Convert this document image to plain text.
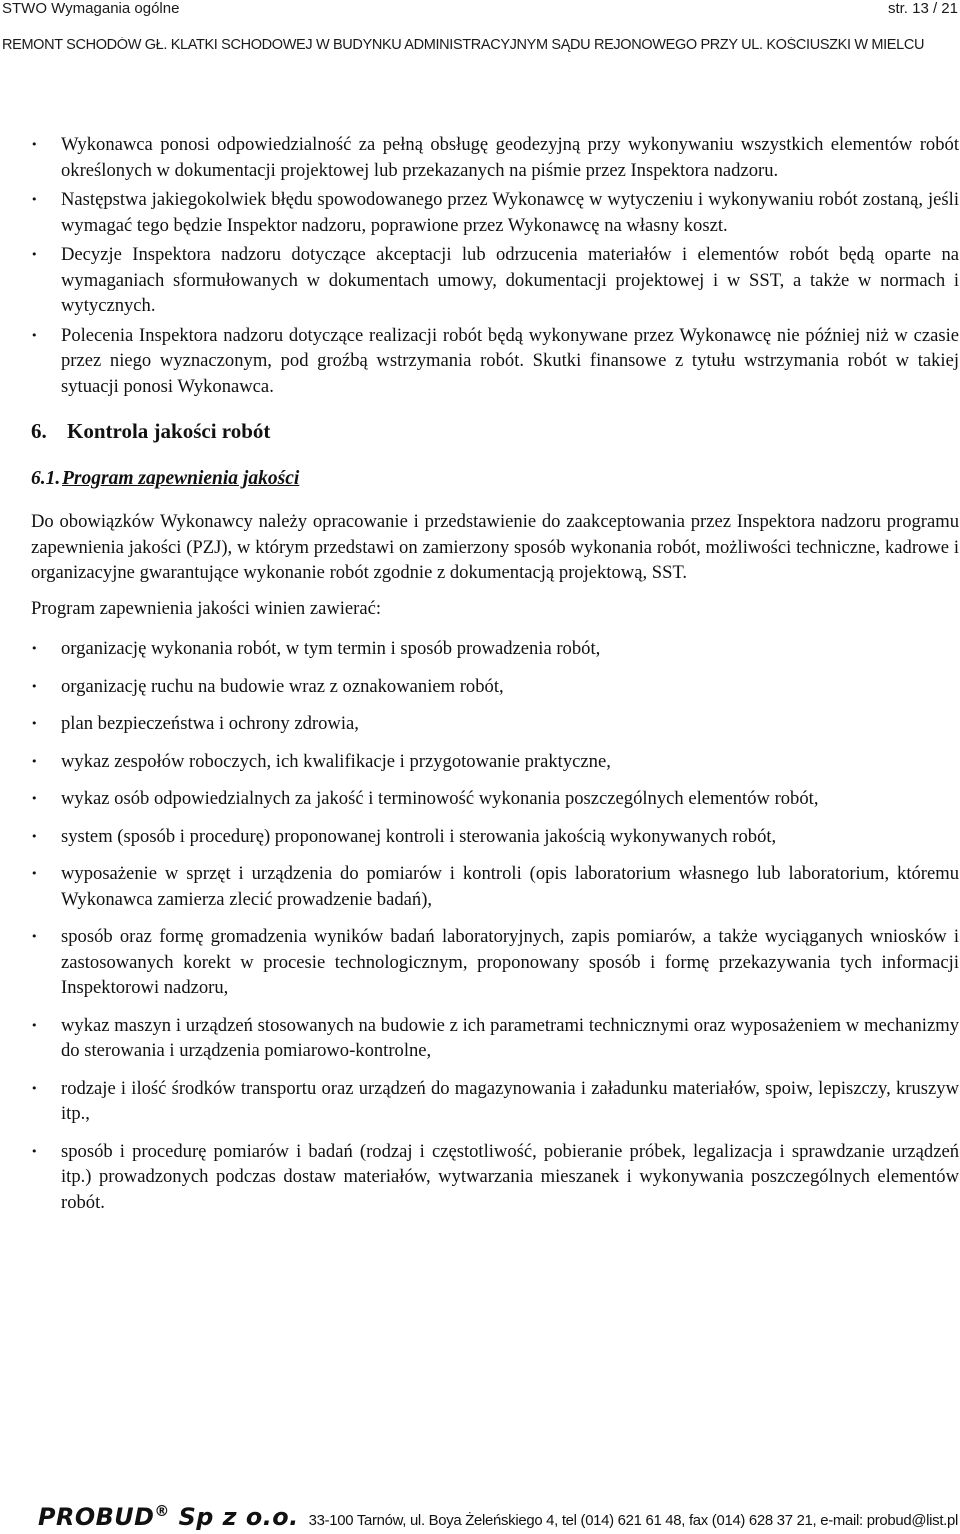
STWO Wymagania ogólne	str. 13 / 21
REMONT SCHODÓW GŁ. KLATKI SCHODOWEJ W BUDYNKU ADMINISTRACYJNYM SĄDU REJONOWEGO PRZY UL. KOŚCIUSZKI W MIELCU
• Wykonawca ponosi odpowiedzialność za pełną obsługę geodezyjną przy wykonywaniu wszystkich elementów robót określonych w dokumentacji projektowej lub przekazanych na piśmie przez Inspektora nadzoru.
• Następstwa jakiegokolwiek błędu spowodowanego przez Wykonawcę w wytyczeniu i wykonywaniu robót zostaną, jeśli wymagać tego będzie Inspektor nadzoru, poprawione przez Wykonawcę na własny koszt.
• Decyzje Inspektora nadzoru dotyczące akceptacji lub odrzucenia materiałów i elementów robót będą oparte na wymaganiach sformułowanych w dokumentach umowy, dokumentacji projektowej i w SST, a także w normach i wytycznych.
• Polecenia Inspektora nadzoru dotyczące realizacji robót będą wykonywane przez Wykonawcę nie później niż w czasie przez niego wyznaczonym, pod groźbą wstrzymania robót. Skutki finansowe z tytułu wstrzymania robót w takiej sytuacji ponosi Wykonawca.
6. Kontrola jakości robót
6.1.Program zapewnienia jakości
Do obowiązków Wykonawcy należy opracowanie i przedstawienie do zaakceptowania przez Inspektora nadzoru programu zapewnienia jakości (PZJ), w którym przedstawi on zamierzony sposób wykonania robót, możliwości techniczne, kadrowe i organizacyjne gwarantujące wykonanie robót zgodnie z dokumentacją projektową, SST.
Program zapewnienia jakości winien zawierać:
• organizację wykonania robót, w tym termin i sposób prowadzenia robót,
• organizację ruchu na budowie wraz z oznakowaniem robót,
• plan bezpieczeństwa i ochrony zdrowia,
• wykaz zespołów roboczych, ich kwalifikacje i przygotowanie praktyczne,
• wykaz osób odpowiedzialnych za jakość i terminowość wykonania poszczególnych elementów robót,
• system (sposób i procedurę) proponowanej kontroli i sterowania jakością wykonywanych robót,
• wyposażenie w sprzęt i urządzenia do pomiarów i kontroli (opis laboratorium własnego lub laboratorium, któremu Wykonawca zamierza zlecić prowadzenie badań),
• sposób oraz formę gromadzenia wyników badań laboratoryjnych, zapis pomiarów, a także wyciąganych wniosków i zastosowanych korekt w procesie technologicznym, proponowany sposób i formę przekazywania tych informacji Inspektorowi nadzoru,
• wykaz maszyn i urządzeń stosowanych na budowie z ich parametrami technicznymi oraz wyposażeniem w mechanizmy do sterowania i urządzenia pomiarowo-kontrolne,
• rodzaje i ilość środków transportu oraz urządzeń do magazynowania i załadunku materiałów, spoiw, lepiszczy, kruszyw itp.,
• sposób i procedurę pomiarów i badań (rodzaj i częstotliwość, pobieranie próbek, legalizacja i sprawdzanie urządzeń itp.) prowadzonych podczas dostaw materiałów, wytwarzania mieszanek i wykonywania poszczególnych elementów robót.
PROBUD® Sp z o.o. 33-100 Tarnów, ul. Boya Żeleńskiego 4, tel (014) 621 61 48, fax (014) 628 37 21, e-mail: probud@list.pl
